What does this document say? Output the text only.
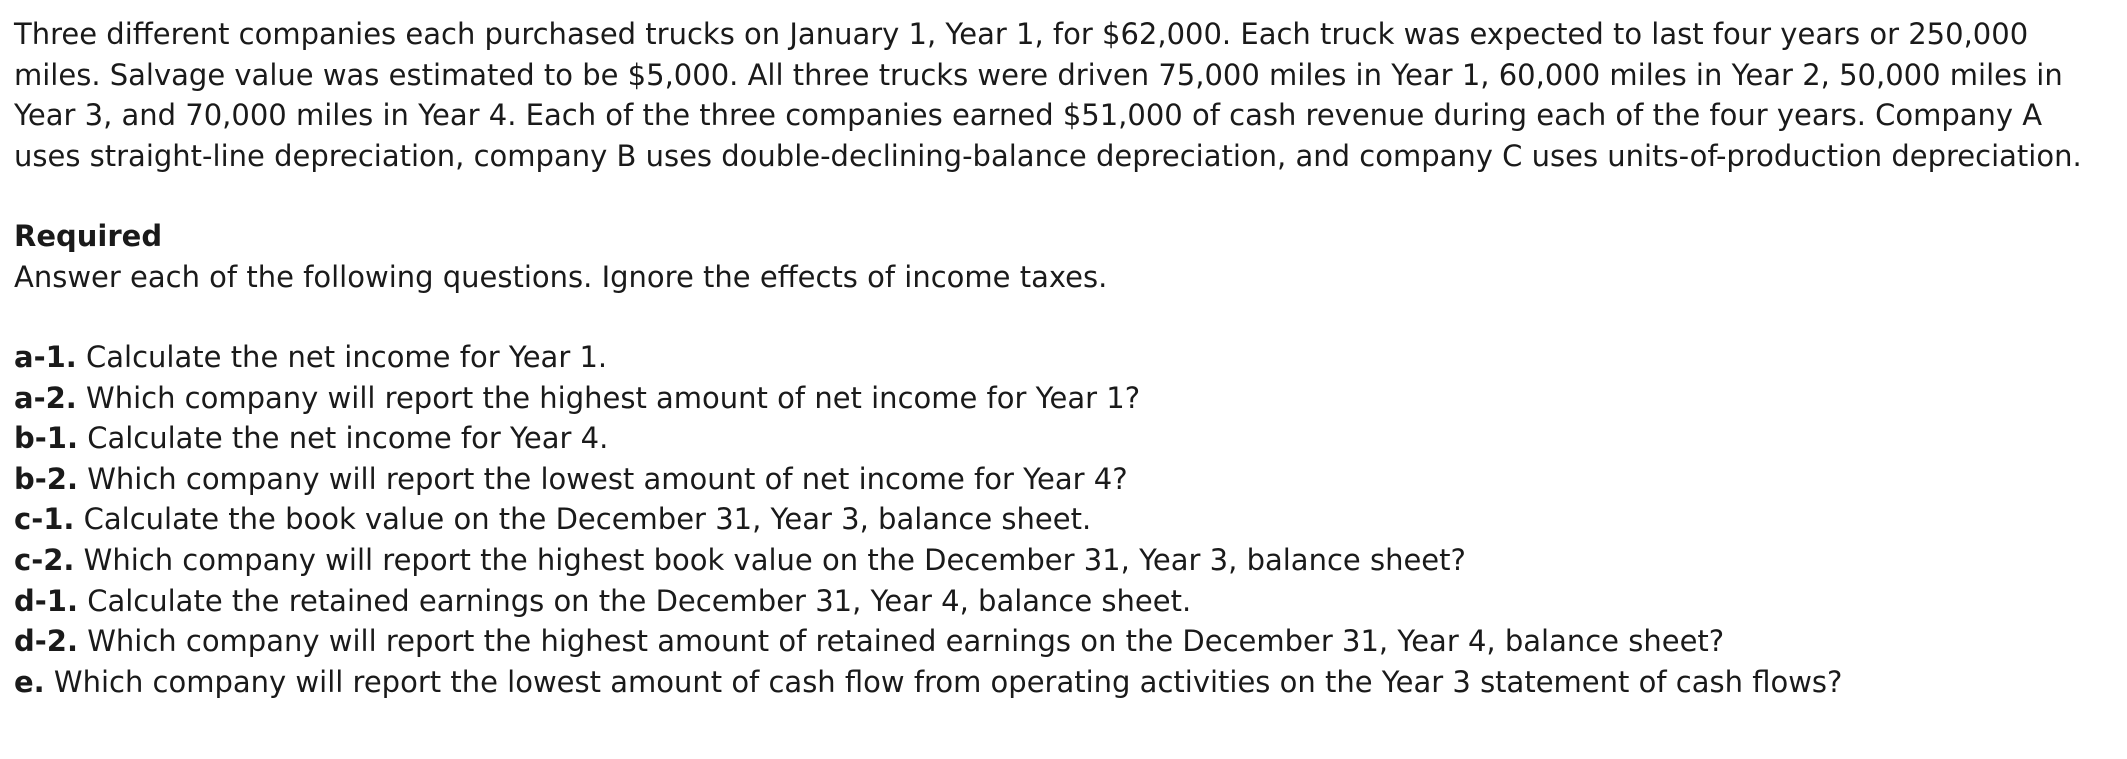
Three different companies each purchased trucks on January 1, Year 1, for $62,000. Each truck was expected to last four years or 250,000 miles. Salvage value was estimated to be $5,000. All three trucks were driven 75,000 miles in Year 1, 60,000 miles in Year 2, 50,000 miles in Year 3, and 70,000 miles in Year 4. Each of the three companies earned $51,000 of cash revenue during each of the four years. Company A uses straight-line depreciation, company B uses double-declining-balance depreciation, and company C uses units-of-production depreciation.

Required

Answer each of the following questions. Ignore the effects of income taxes.

a-1. Calculate the net income for Year 1.
a-2. Which company will report the highest amount of net income for Year 1?
b-1. Calculate the net income for Year 4.
b-2. Which company will report the lowest amount of net income for Year 4?
c-1. Calculate the book value on the December 31, Year 3, balance sheet.
c-2. Which company will report the highest book value on the December 31, Year 3, balance sheet?
d-1. Calculate the retained earnings on the December 31, Year 4, balance sheet.
d-2. Which company will report the highest amount of retained earnings on the December 31, Year 4, balance sheet?
e. Which company will report the lowest amount of cash flow from operating activities on the Year 3 statement of cash flows?
